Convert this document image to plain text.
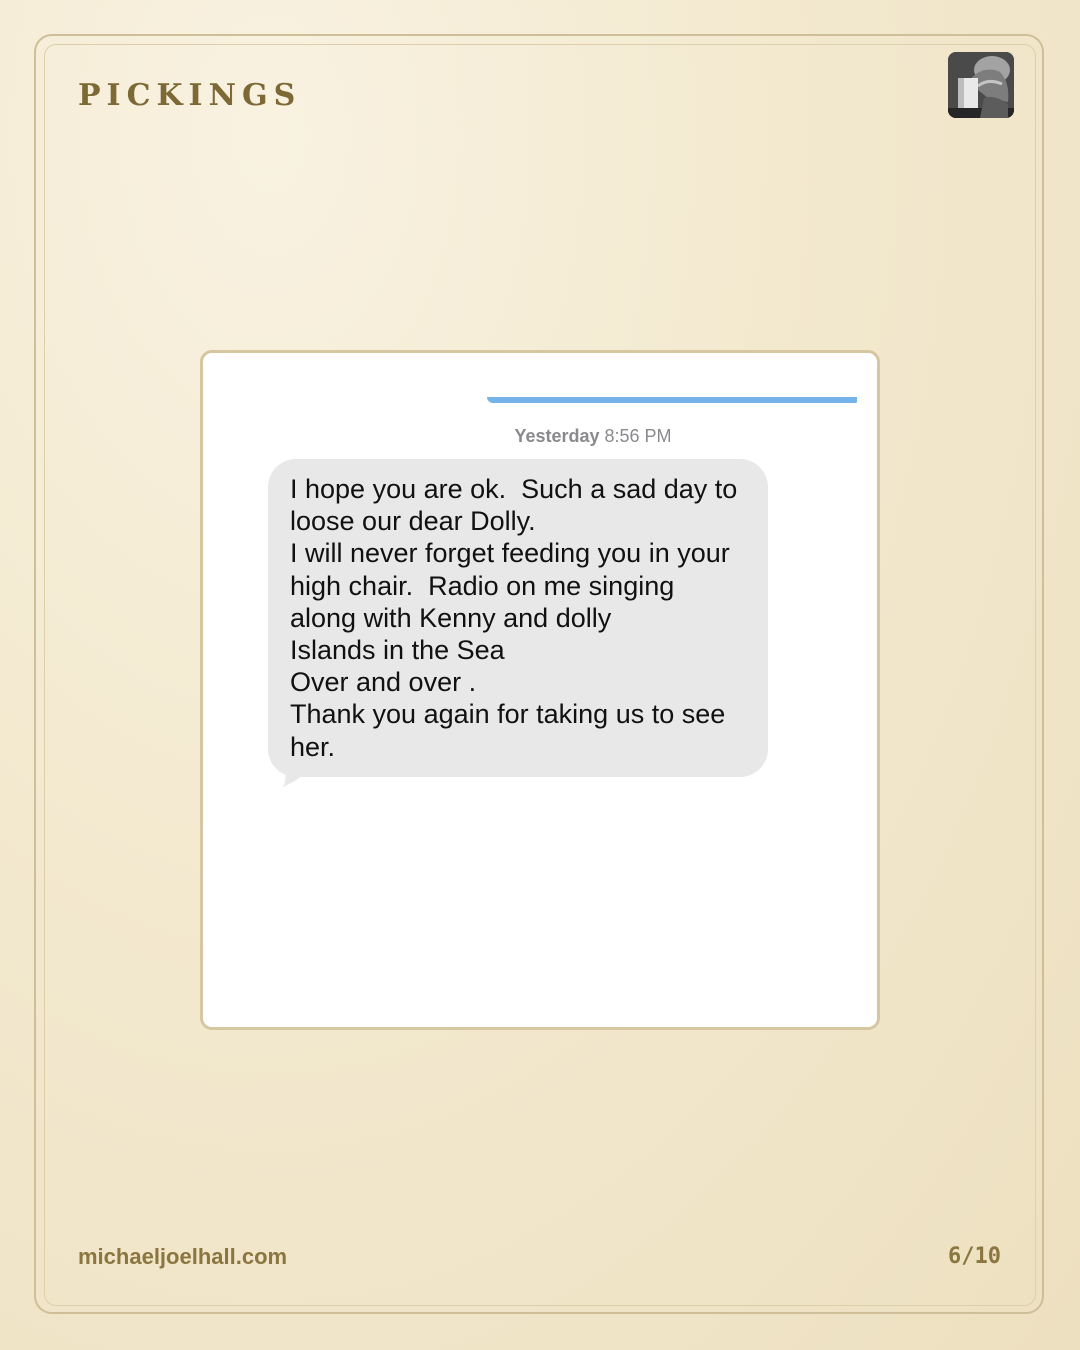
PICKINGS
Yesterday 8:56 PM
I hope you are ok.  Such a sad day to
loose our dear Dolly.
I will never forget feeding you in your
high chair.  Radio on me singing
along with Kenny and dolly
Islands in the Sea
Over and over .
Thank you again for taking us to see
her.
michaeljoelhall.com	6/10
